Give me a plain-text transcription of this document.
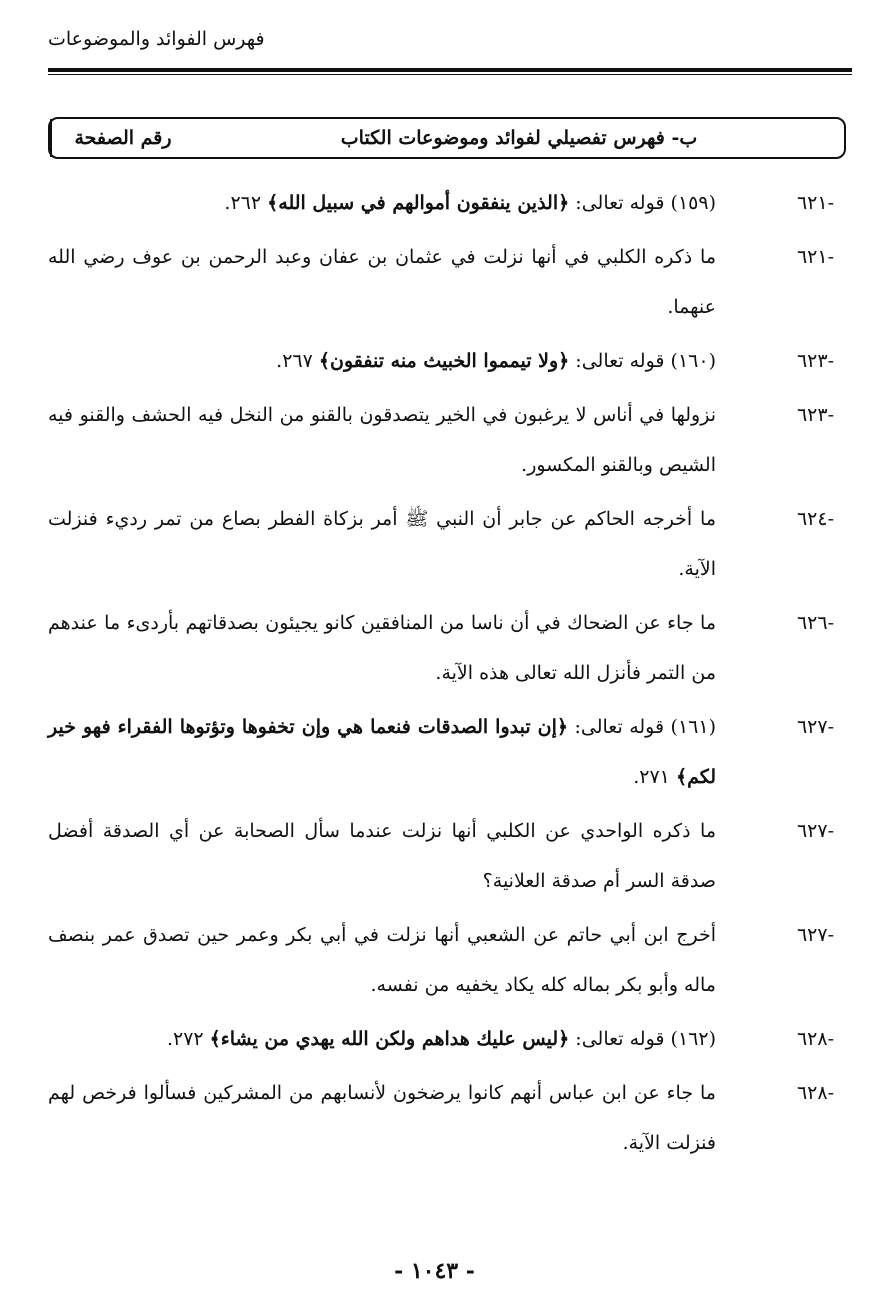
فهرس الفوائد والموضوعات
رقم الصفحة	ب- فهرس تفصيلي لفوائد وموضوعات الكتاب
-٦٢١
(١٥٩) قوله تعالى: ﴿الذين ينفقون أموالهم في سبيل الله﴾ ٢٦٢.
-٦٢١
ما ذكره الكلبي في أنها نزلت في عثمان بن عفان وعبد الرحمن بن عوف رضي الله عنهما.
-٦٢٣
(١٦٠) قوله تعالى: ﴿ولا تيمموا الخبيث منه تنفقون﴾ ٢٦٧.
-٦٢٣
نزولها في أناس لا يرغبون في الخير يتصدقون بالقنو من النخل فيه الحشف والقنو فيه الشيص وبالقنو المكسور.
-٦٢٤
ما أخرجه الحاكم عن جابر أن النبي ﷺ أمر بزكاة الفطر بصاع من تمر رديء فنزلت الآية.
-٦٢٦
ما جاء عن الضحاك في أن ناسا من المنافقين كانو يجيئون بصدقاتهم بأردىء ما عندهم من التمر فأنزل الله تعالى هذه الآية.
-٦٢٧
(١٦١) قوله تعالى: ﴿إن تبدوا الصدقات فنعما هي وإن تخفوها وتؤتوها الفقراء فهو خير لكم﴾ ٢٧١.
-٦٢٧
ما ذكره الواحدي عن الكلبي أنها نزلت عندما سأل الصحابة عن أي الصدقة أفضل صدقة السر أم صدقة العلانية؟
-٦٢٧
أخرج ابن أبي حاتم عن الشعبي أنها نزلت في أبي بكر وعمر حين تصدق عمر بنصف ماله وأبو بكر بماله كله يكاد يخفيه من نفسه.
-٦٢٨
(١٦٢) قوله تعالى: ﴿ليس عليك هداهم ولكن الله يهدي من يشاء﴾ ٢٧٢.
-٦٢٨
ما جاء عن ابن عباس أنهم كانوا يرضخون لأنسابهم من المشركين فسألوا فرخص لهم فنزلت الآية.
- ١٠٤٣ -
